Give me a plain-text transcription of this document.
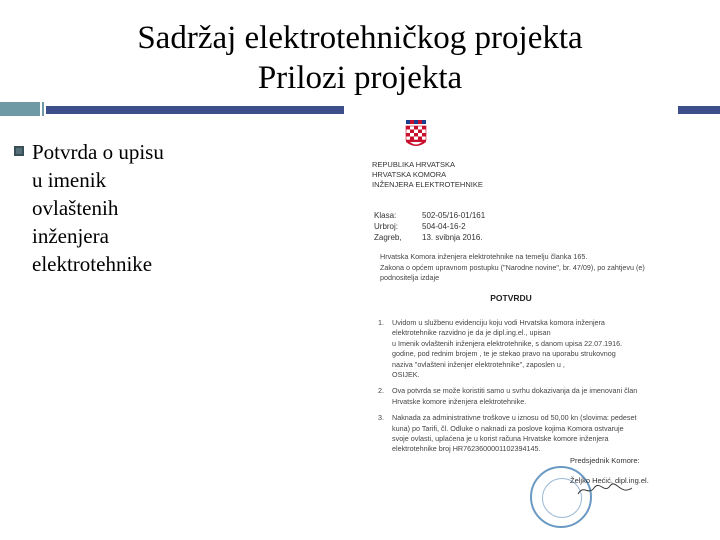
Sadržaj elektrotehničkog projekta
Prilozi projekta
Potvrda o upisu
u imenik
ovlaštenih
inženjera
elektrotehnike
REPUBLIKA HRVATSKA
HRVATSKA KOMORA
INŽENJERA ELEKTROTEHNIKE
Klasa:	502-05/16-01/161
Urbroj:	504-04-16-2
Zagreb,	13. svibnja 2016.
Hrvatska Komora inženjera elektrotehnike na temelju članka 165.
Zakona o općem upravnom postupku ("Narodne novine", br. 47/09), po zahtjevu (e)
podnositelja izdaje
POTVRDU
1.	Uvidom u službenu evidenciju koju vodi Hrvatska komora inženjera
elektrotehnike razvidno je da je dipl.ing.el., upisan
u Imenik ovlaštenih inženjera elektrotehnike, s danom upisa 22.07.1916.
godine, pod rednim brojem , te je stekao pravo na uporabu strukovnog
naziva "ovlašteni inženjer elektrotehnike", zaposlen u ,
OSIJEK.
2.	Ova potvrda se može koristiti samo u svrhu dokazivanja da je imenovani član
Hrvatske komore inženjera elektrotehnike.
3.	Naknada za administrativne troškove u iznosu od 50,00 kn (slovima: pedeset
kuna) po Tarifi, čl. Odluke o naknadi za poslove kojima Komora ostvaruje
svoje ovlasti, uplaćena je u korist računa Hrvatske komore inženjera
elektrotehnike broj HR7623600001102394145.
Predsjednik Komore:

Željko Hećić, dipl.ing.el.
